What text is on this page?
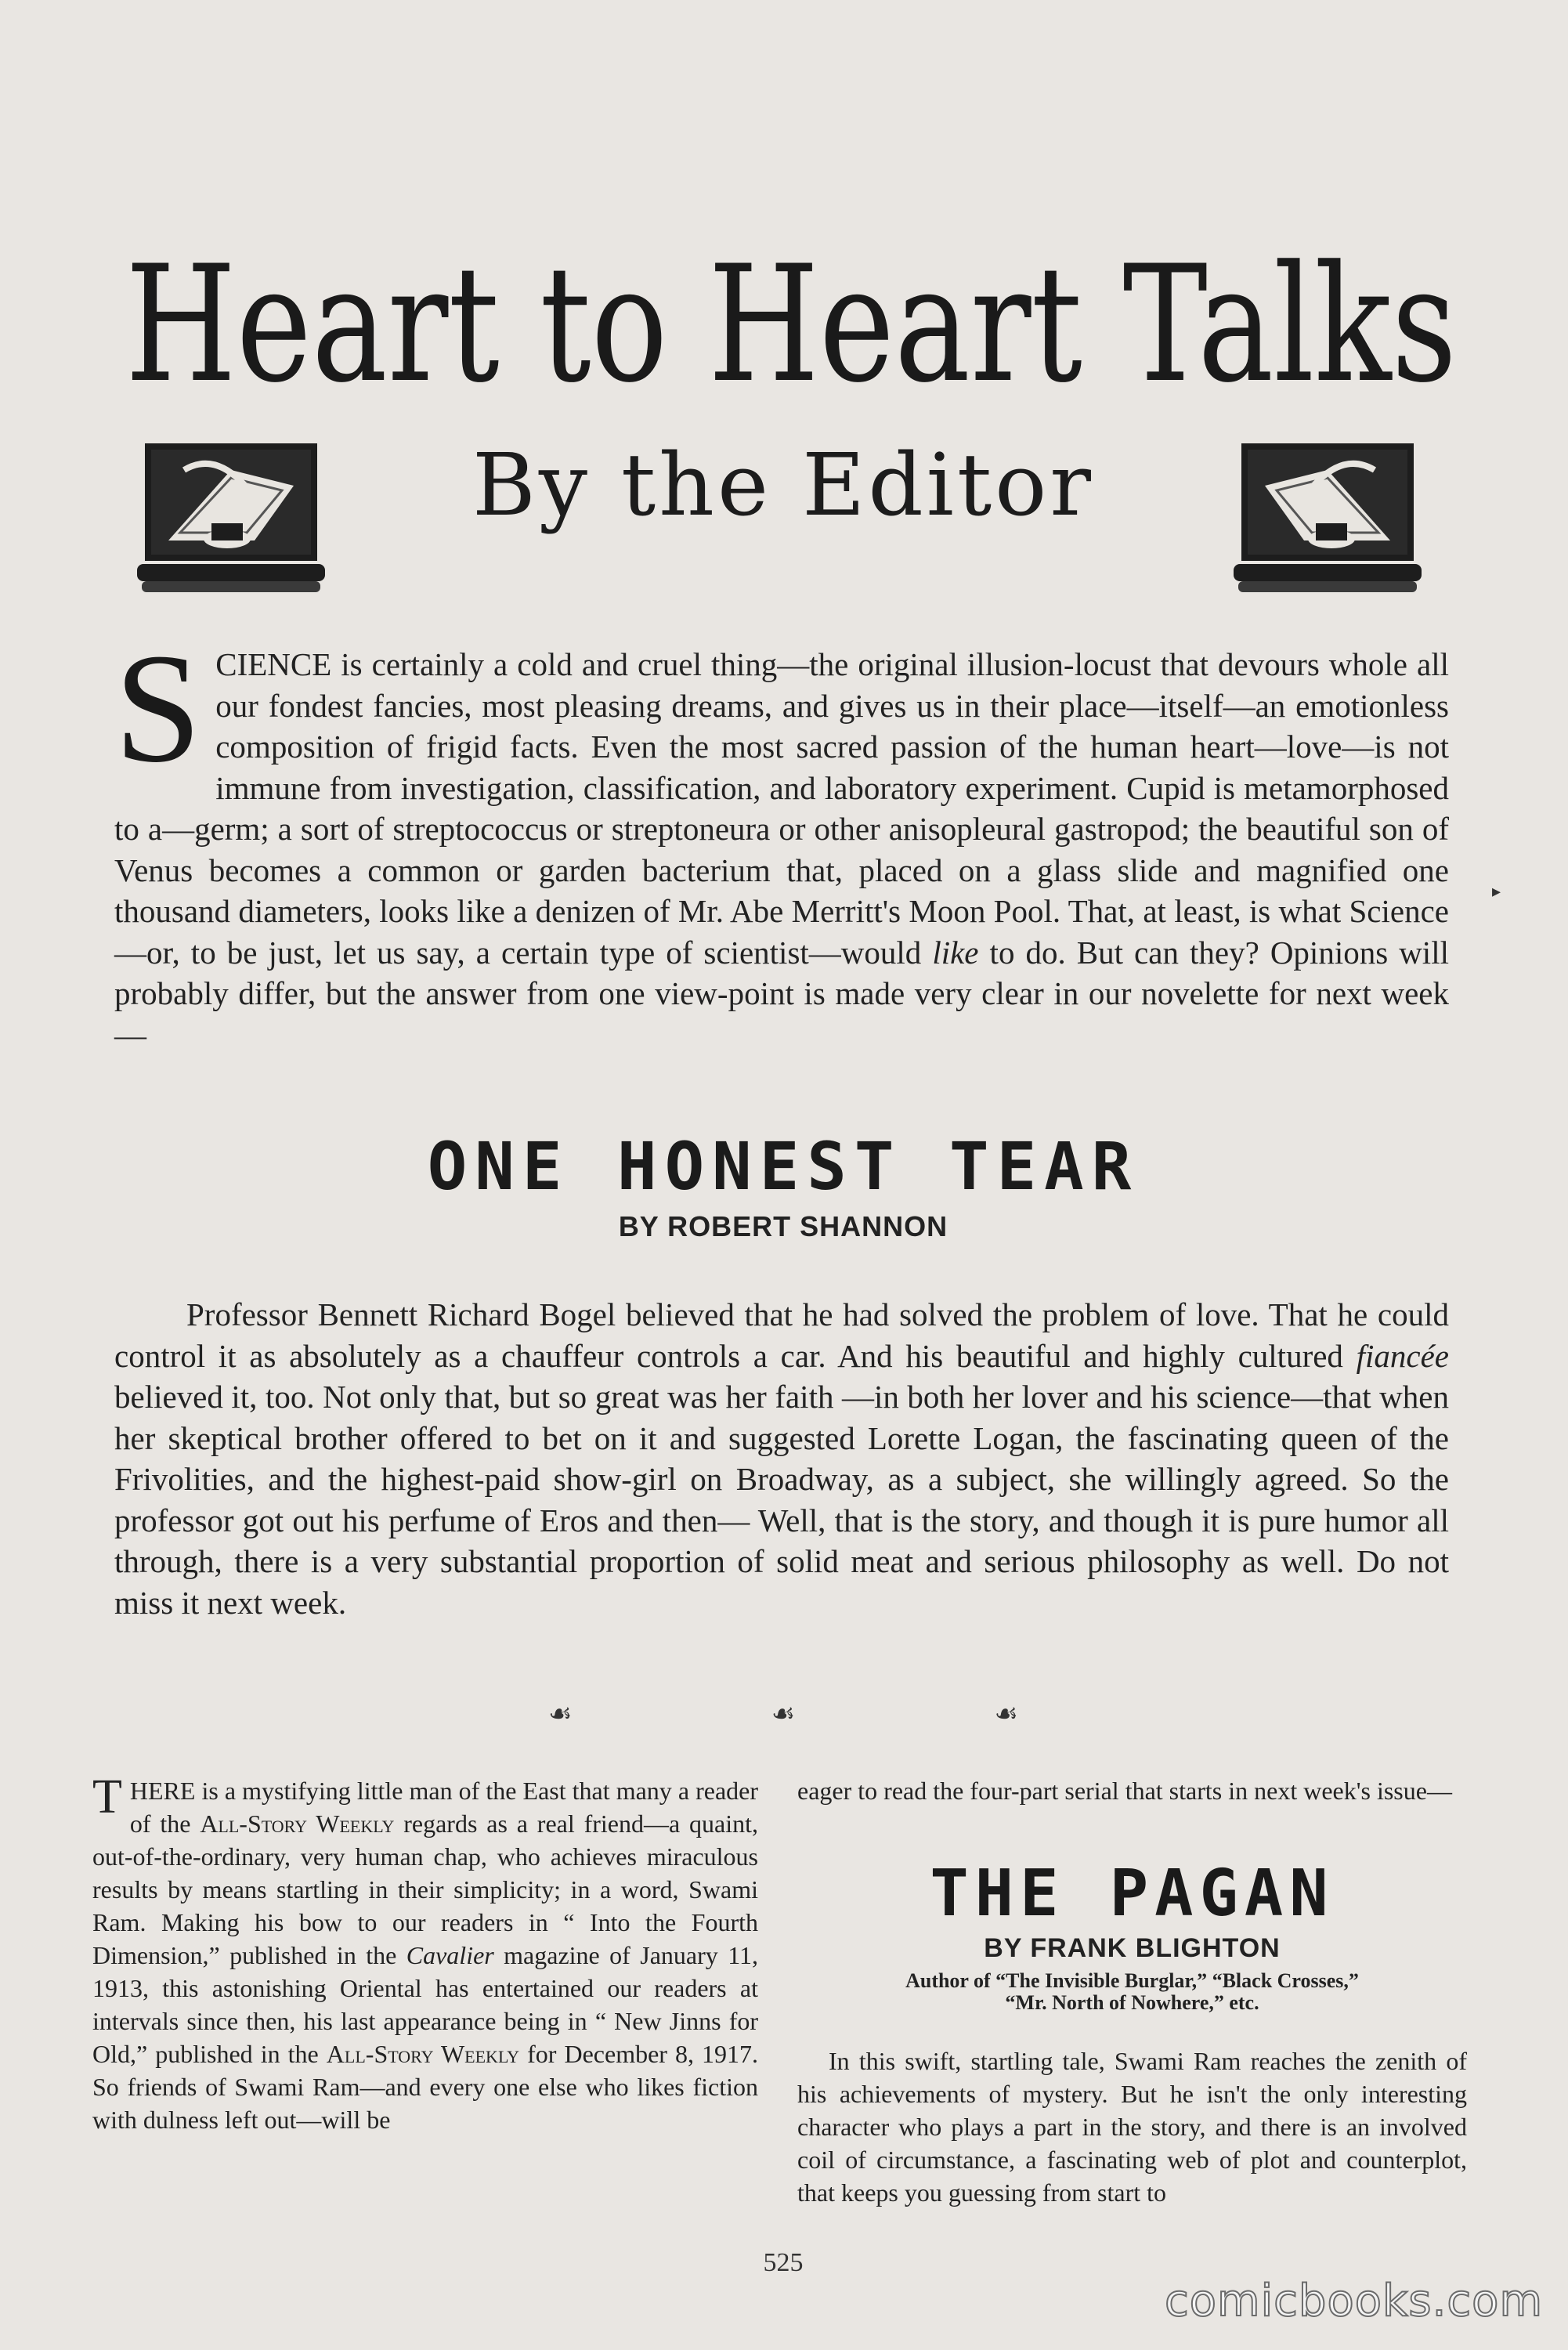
Heart to Heart Talks
By the Editor
SCIENCE is certainly a cold and cruel thing—the original illusion-locust that devours whole all our fondest fancies, most pleasing dreams, and gives us in their place—itself—an emotionless composition of frigid facts. Even the most sacred passion of the human heart—love—is not immune from investigation, classification, and laboratory experiment. Cupid is metamorphosed to a—germ; a sort of streptococcus or streptoneura or other anisopleural gastropod; the beautiful son of Venus becomes a common or garden bacterium that, placed on a glass slide and magnified one thousand diameters, looks like a denizen of Mr. Abe Merritt's Moon Pool. That, at least, is what Science—or, to be just, let us say, a certain type of scientist—would like to do. But can they? Opinions will probably differ, but the answer from one view-point is made very clear in our novelette for next week—
ONE HONEST TEAR
BY ROBERT SHANNON
Professor Bennett Richard Bogel believed that he had solved the problem of love. That he could control it as absolutely as a chauffeur controls a car. And his beautiful and highly cultured fiancée believed it, too. Not only that, but so great was her faith —in both her lover and his science—that when her skeptical brother offered to bet on it and suggested Lorette Logan, the fascinating queen of the Frivolities, and the highest-paid show-girl on Broadway, as a subject, she willingly agreed. So the professor got out his perfume of Eros and then— Well, that is the story, and though it is pure humor all through, there is a very substantial proportion of solid meat and serious philosophy as well. Do not miss it next week.
☙	☙	☙
THERE is a mystifying little man of the East that many a reader of the All-Story Weekly regards as a real friend—a quaint, out-of-the-ordinary, very human chap, who achieves miraculous results by means startling in their simplicity; in a word, Swami Ram. Making his bow to our readers in “ Into the Fourth Dimension,” published in the Cavalier magazine of January 11, 1913, this astonishing Oriental has entertained our readers at intervals since then, his last appearance being in “ New Jinns for Old,” published in the All-Story Weekly for December 8, 1917. So friends of Swami Ram—and every one else who likes fiction with dulness left out—will be
eager to read the four-part serial that starts in next week's issue—
THE PAGAN
BY FRANK BLIGHTON
Author of “The Invisible Burglar,” “Black Crosses,”
“Mr. North of Nowhere,” etc.
In this swift, startling tale, Swami Ram reaches the zenith of his achievements of mystery. But he isn't the only interesting character who plays a part in the story, and there is an involved coil of circumstance, a fascinating web of plot and counterplot, that keeps you guessing from start to
525
comicbooks.com
▸
